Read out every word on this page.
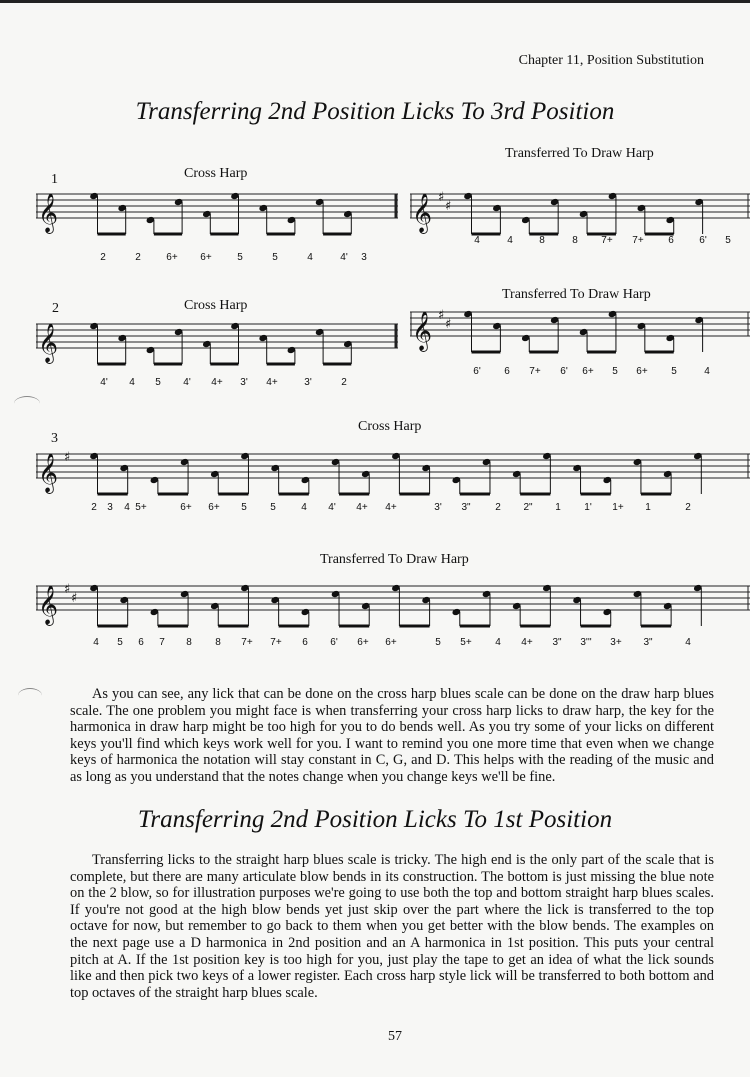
Chapter 11, Position Substitution
Transferring 2nd Position Licks To 3rd Position
1	Cross Harp
Transferred To Draw Harp
𝄞	𝄞 ♯
♯
2	2	6+ 6+	5	5	4	4' 3
4	4	8	8 7+ 7+ 6	6' 5
2	Cross Harp
Transferred To Draw Harp
𝄞	𝄞 ♯
♯
4' 4 5 4' 4+ 3' 4+	3'	2
6' 6 7+ 6' 6+ 5 6+ 5	4
3
Cross Harp
𝄞 ♯
2 3 4 5+	6+ 6+ 5 5	4 4' 4+ 4+	3' 3" 2 2" 1 1' 1+ 1	2
Transferred To Draw Harp
𝄞 ♯
♯
4 5 6 7 8 8 7+ 7+ 6 6' 6+ 6+	5 5+ 4 4+ 3" 3''' 3+ 3"	4

As you can see, any lick that can be done on the cross harp blues scale can be done on the draw harp blues scale. The one problem you might face is when transferring your cross harp licks to draw harp, the key for the harmonica in draw harp might be too high for you to do bends well. As you try some of your licks on different keys you'll find which keys work well for you. I want to remind you one more time that even when we change keys of harmonica the notation will stay constant in C, G, and D. This helps with the reading of the music and as long as you understand that the notes change when you change keys we'll be fine.

Transferring 2nd Position Licks To 1st Position

Transferring licks to the straight harp blues scale is tricky. The high end is the only part of the scale that is complete, but there are many articulate blow bends in its construction. The bottom is just missing the blue note on the 2 blow, so for illustration purposes we're going to use both the top and bottom straight harp blues scales. If you're not good at the high blow bends yet just skip over the part where the lick is transferred to the top octave for now, but remember to go back to them when you get better with the blow bends. The examples on the next page use a D harmonica in 2nd position and an A harmonica in 1st position. This puts your central pitch at A. If the 1st position key is too high for you, just play the tape to get an idea of what the lick sounds like and then pick two keys of a lower register. Each cross harp style lick will be transferred to both bottom and top octaves of the straight harp blues scale.

57
